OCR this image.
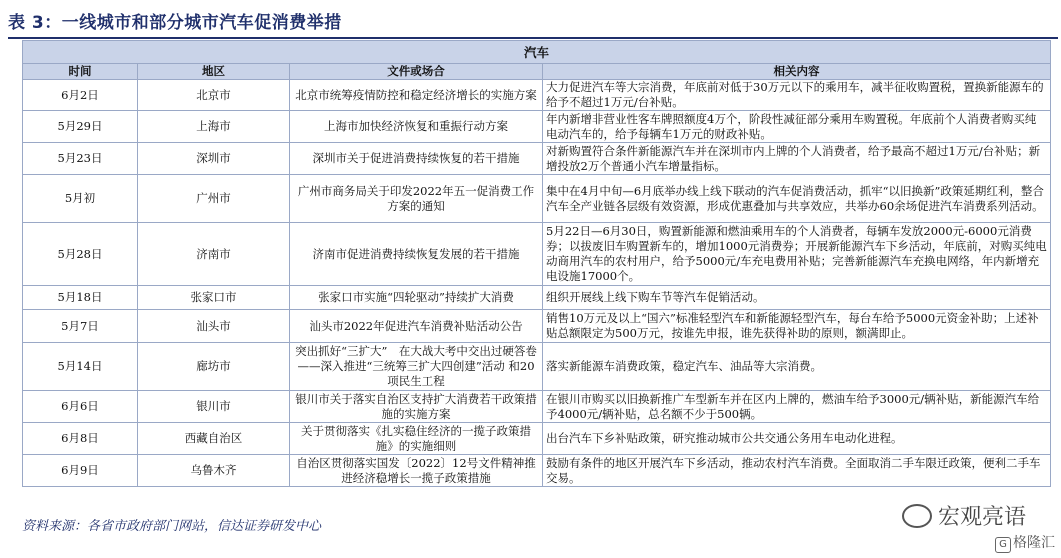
表 3：一线城市和部分城市汽车促消费举措
汽车			
时间	地区	文件或场合	相关内容
6月2日	北京市	北京市统筹疫情防控和稳定经济增长的实施方案	大力促进汽车等大宗消费，年底前对低于30万元以下的乘用车，减半征收购置税，置换新能源车的给予不超过1万元/台补贴。
5月29日	上海市	上海市加快经济恢复和重振行动方案	年内新增非营业性客车牌照额度4万个，阶段性减征部分乘用车购置税。年底前个人消费者购买纯电动汽车的，给予每辆车1万元的财政补贴。
5月23日	深圳市	深圳市关于促进消费持续恢复的若干措施	对新购置符合条件新能源汽车并在深圳市内上牌的个人消费者，给予最高不超过1万元/台补贴；新增投放2万个普通小汽车增量指标。
5月初	广州市	广州市商务局关于印发2022年五一促消费工作方案的通知	集中在4月中旬—6月底举办线上线下联动的汽车促消费活动，抓牢“以旧换新”政策延期红利，整合汽车全产业链各层级有效资源，形成优惠叠加与共享效应，共举办60余场促进汽车消费系列活动。
5月28日	济南市	济南市促进消费持续恢复发展的若干措施	5月22日—6月30日，购置新能源和燃油乘用车的个人消费者，每辆车发放2000元-6000元消费券；以拔废旧车购置新车的，增加1000元消费券；开展新能源汽车下乡活动，年底前，对购买纯电动商用汽车的农村用户，给予5000元/车充电费用补贴；完善新能源汽车充换电网络，年内新增充电设施17000个。
5月18日	张家口市	张家口市实施“四轮驱动”持续扩大消费	组织开展线上线下购车节等汽车促销活动。
5月7日	汕头市	汕头市2022年促进汽车消费补贴活动公告	销售10万元及以上“国六”标准轻型汽车和新能源轻型汽车，每台车给予5000元资金补助；上述补贴总额限定为500万元，按谁先申报，谁先获得补助的原则，额满即止。
5月14日	廊坊市	突出抓好“三扩大”　在大战大考中交出过硬答卷——深入推进“三统筹三扩大四创建”活动 和20项民生工程	落实新能源车消费政策，稳定汽车、油品等大宗消费。
6月6日	银川市	银川市关于落实自治区支持扩大消费若干政策措施的实施方案	在银川市购买以旧换新推广车型新车并在区内上牌的，燃油车给予3000元/辆补贴，新能源汽车给予4000元/辆补贴，总名额不少于500辆。
6月8日	西藏自治区	关于贯彻落实《扎实稳住经济的一揽子政策措施》的实施细则	出台汽车下乡补贴政策，研究推动城市公共交通公务用车电动化进程。
6月9日	乌鲁木齐	自治区贯彻落实国发〔2022〕12号文件精神推进经济稳增长一揽子政策措施	鼓励有条件的地区开展汽车下乡活动，推动农村汽车消费。全面取消二手车限迁政策，便利二手车交易。
资料来源：各省市政府部门网站，信达证券研发中心	宏观亮语
G 格隆汇
